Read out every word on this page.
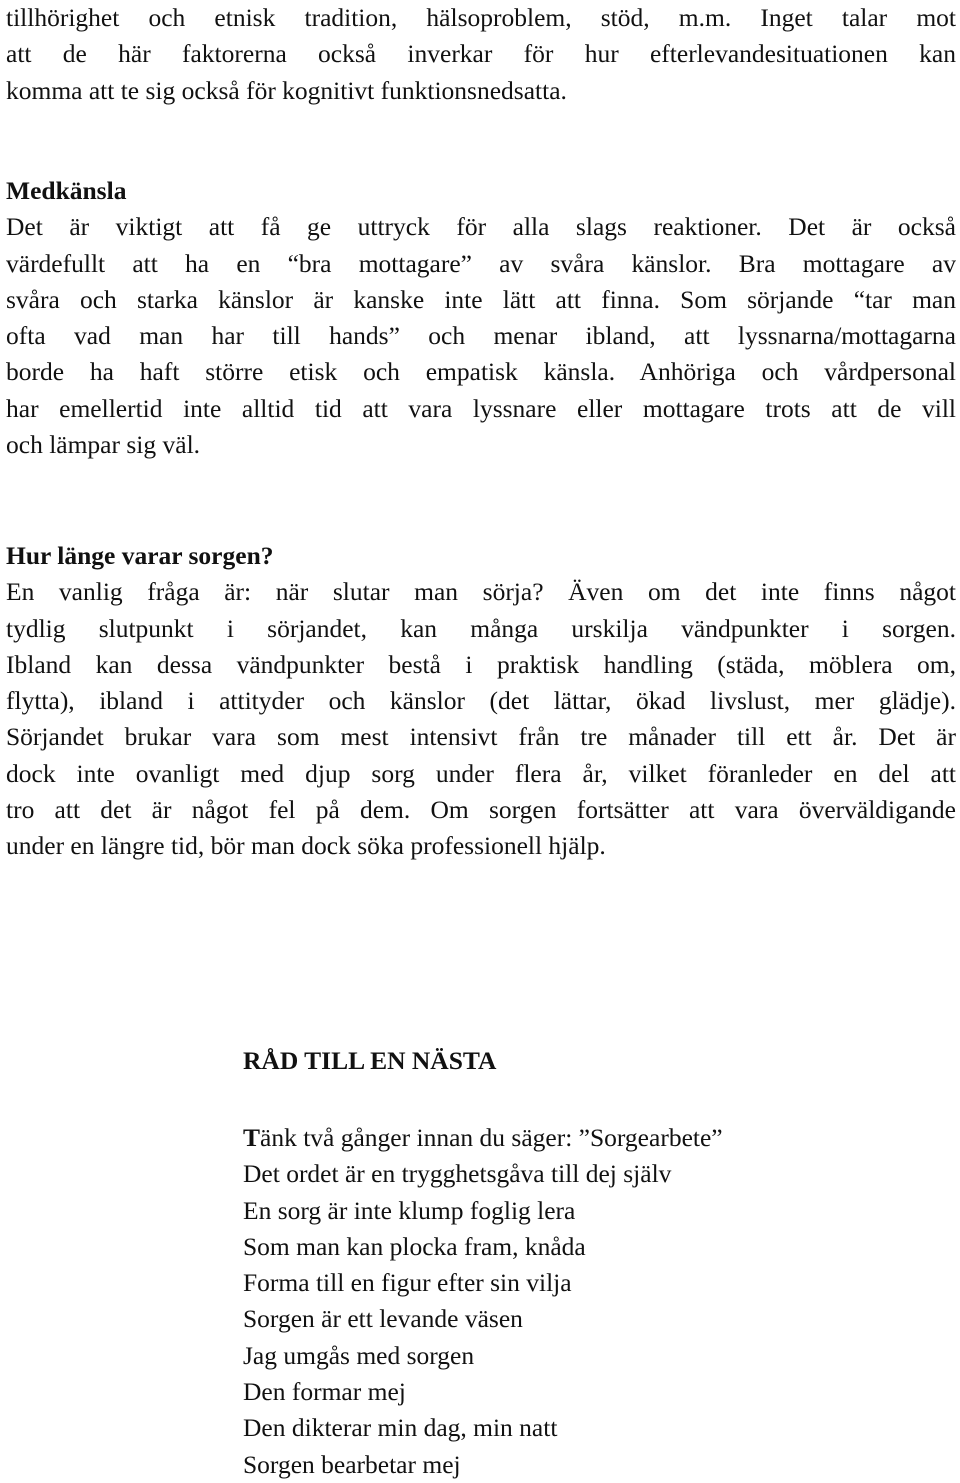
tillhörighet och etnisk tradition, hälsoproblem, stöd, m.m. Inget talar mot
att de här faktorerna också inverkar för hur efterlevandesituationen kan
komma att te sig också för kognitivt funktionsnedsatta.
Medkänsla
Det är viktigt att få ge uttryck för alla slags reaktioner. Det är också
värdefullt att ha en “bra mottagare” av svåra känslor. Bra mottagare av
svåra och starka känslor är kanske inte lätt att finna. Som sörjande “tar man
ofta vad man har till hands” och menar ibland, att lyssnarna/mottagarna
borde ha haft större etisk och empatisk känsla. Anhöriga och vårdpersonal
har emellertid inte alltid tid att vara lyssnare eller mottagare trots att de vill
och lämpar sig väl.
Hur länge varar sorgen?
En vanlig fråga är: när slutar man sörja? Även om det inte finns något
tydlig slutpunkt i sörjandet, kan många urskilja vändpunkter i sorgen.
Ibland kan dessa vändpunkter bestå i praktisk handling (städa, möblera om,
flytta), ibland i attityder och känslor (det lättar, ökad livslust, mer glädje).
Sörjandet brukar vara som mest intensivt från tre månader till ett år. Det är
dock inte ovanligt med djup sorg under flera år, vilket föranleder en del att
tro att det är något fel på dem. Om sorgen fortsätter att vara överväldigande
under en längre tid, bör man dock söka professionell hjälp.
RÅD TILL EN NÄSTA
Tänk två gånger innan du säger: ”Sorgearbete”
Det ordet är en trygghetsgåva till dej själv
En sorg är inte klump foglig lera
Som man kan plocka fram, knåda
Forma till en figur efter sin vilja
Sorgen är ett levande väsen
Jag umgås med sorgen
Den formar mej
Den dikterar min dag, min natt
Sorgen bearbetar mej
